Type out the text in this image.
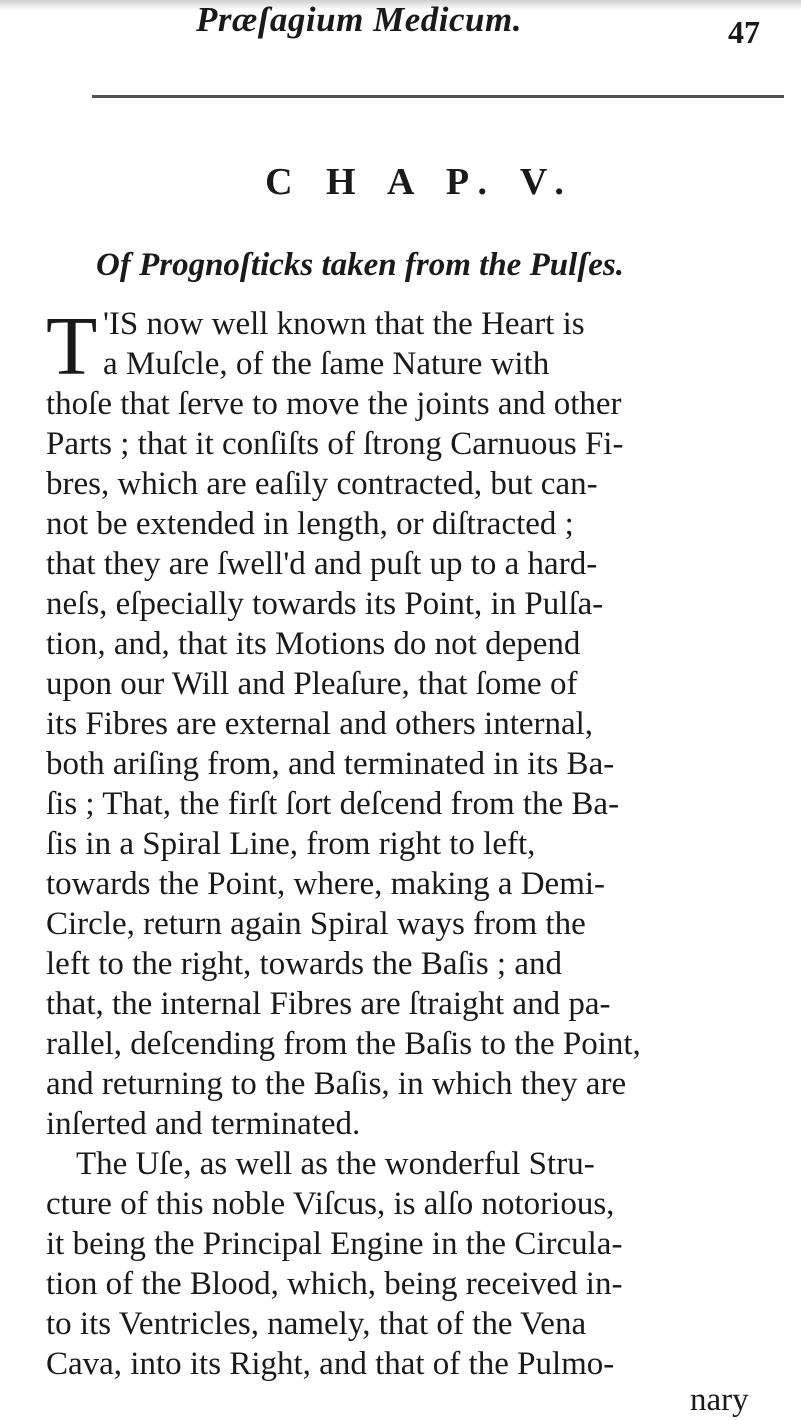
Præſagium Medicum.	47
C H A P. V.
Of Prognoſticks taken from the Pulſes.
T 'IS now well known that the Heart is
a Muſcle, of the ſame Nature with
thoſe that ſerve to move the joints and other
Parts ; that it conſiſts of ſtrong Carnuous Fi-
bres, which are eaſily contracted, but can-
not be extended in length, or diſtracted ;
that they are ſwell'd and puſt up to a hard-
neſs, eſpecially towards its Point, in Pulſa-
tion, and, that its Motions do not depend
upon our Will and Pleaſure, that ſome of
its Fibres are external and others internal,
both ariſing from, and terminated in its Ba-
ſis ; That, the firſt ſort deſcend from the Ba-
ſis in a Spiral Line, from right to left,
towards the Point, where, making a Demi-
Circle, return again Spiral ways from the
left to the right, towards the Baſis ; and
that, the internal Fibres are ſtraight and pa-
rallel, deſcending from the Baſis to the Point,
and returning to the Baſis, in which they are
inſerted and terminated.
The Uſe, as well as the wonderful Stru-
cture of this noble Viſcus, is alſo notorious,
it being the Principal Engine in the Circula-
tion of the Blood, which, being received in-
to its Ventricles, namely, that of the Vena
Cava, into its Right, and that of the Pulmo-
nary
